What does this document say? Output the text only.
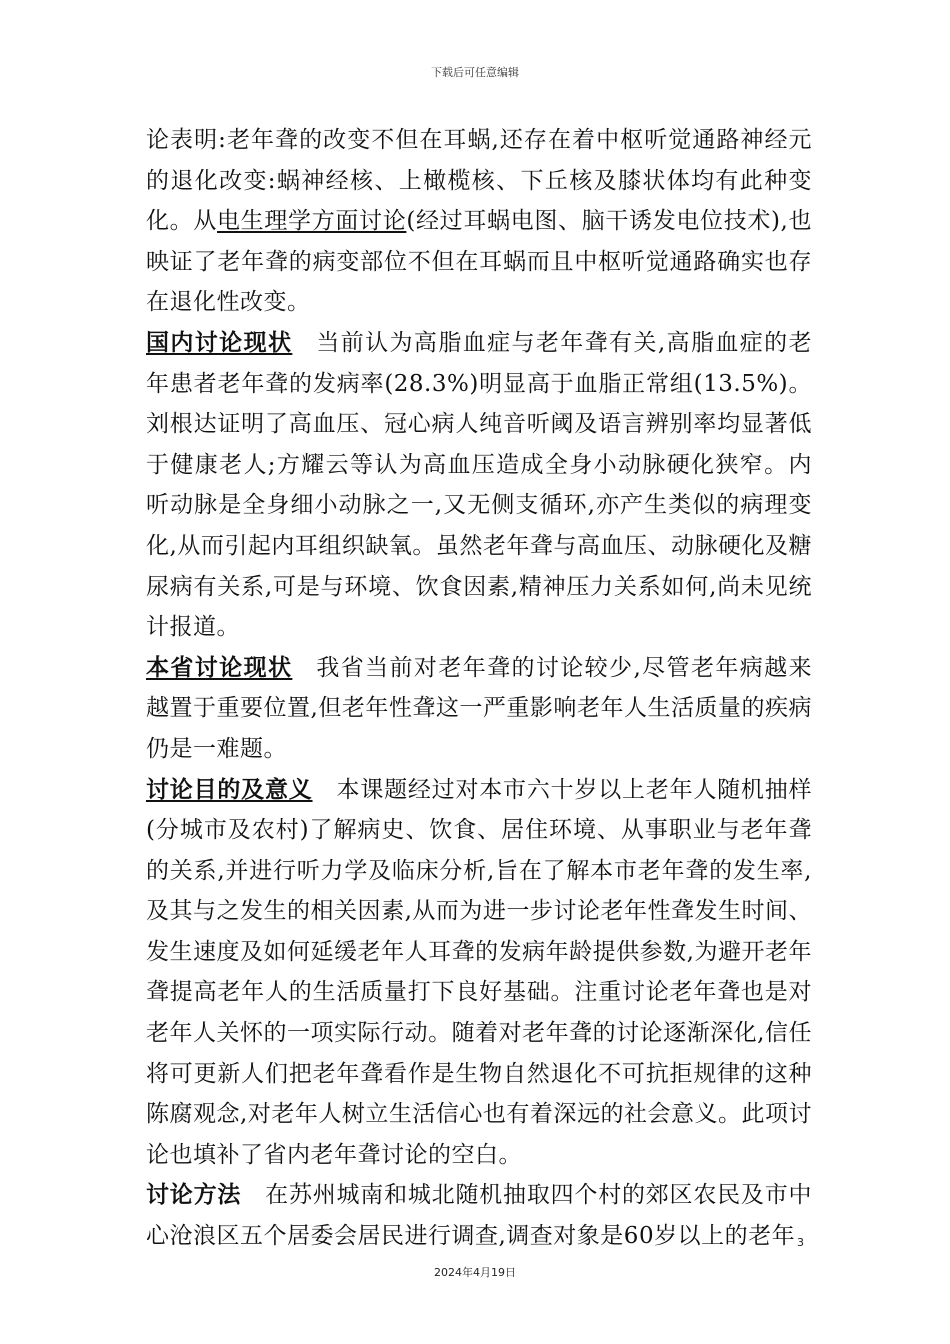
下载后可任意编辑

论表明:老年聋的改变不但在耳蜗,还存在着中枢听觉通路神经元的退化改变:蜗神经核、上橄榄核、下丘核及膝状体均有此种变化。从电生理学方面讨论(经过耳蜗电图、脑干诱发电位技术),也映证了老年聋的病变部位不但在耳蜗而且中枢听觉通路确实也存在退化性改变。

国内讨论现状 当前认为高脂血症与老年聋有关,高脂血症的老年患者老年聋的发病率(28.3%)明显高于血脂正常组(13.5%)。刘根达证明了高血压、冠心病人纯音听阈及语言辨别率均显著低于健康老人;方耀云等认为高血压造成全身小动脉硬化狭窄。内听动脉是全身细小动脉之一,又无侧支循环,亦产生类似的病理变化,从而引起内耳组织缺氧。虽然老年聋与高血压、动脉硬化及糖尿病有关系,可是与环境、饮食因素,精神压力关系如何,尚未见统计报道。

本省讨论现状 我省当前对老年聋的讨论较少,尽管老年病越来越置于重要位置,但老年性聋这一严重影响老年人生活质量的疾病仍是一难题。

讨论目的及意义 本课题经过对本市六十岁以上老年人随机抽样(分城市及农村)了解病史、饮食、居住环境、从事职业与老年聋的关系,并进行听力学及临床分析,旨在了解本市老年聋的发生率,及其与之发生的相关因素,从而为进一步讨论老年性聋发生时间、发生速度及如何延缓老年人耳聋的发病年龄提供参数,为避开老年聋提高老年人的生活质量打下良好基础。注重讨论老年聋也是对老年人关怀的一项实际行动。随着对老年聋的讨论逐渐深化,信任将可更新人们把老年聋看作是生物自然退化不可抗拒规律的这种陈腐观念,对老年人树立生活信心也有着深远的社会意义。此项讨论也填补了省内老年聋讨论的空白。

讨论方法 在苏州城南和城北随机抽取四个村的郊区农民及市中心沧浪区五个居委会居民进行调查,调查对象是60岁以上的老年 3
2024年4月19日
